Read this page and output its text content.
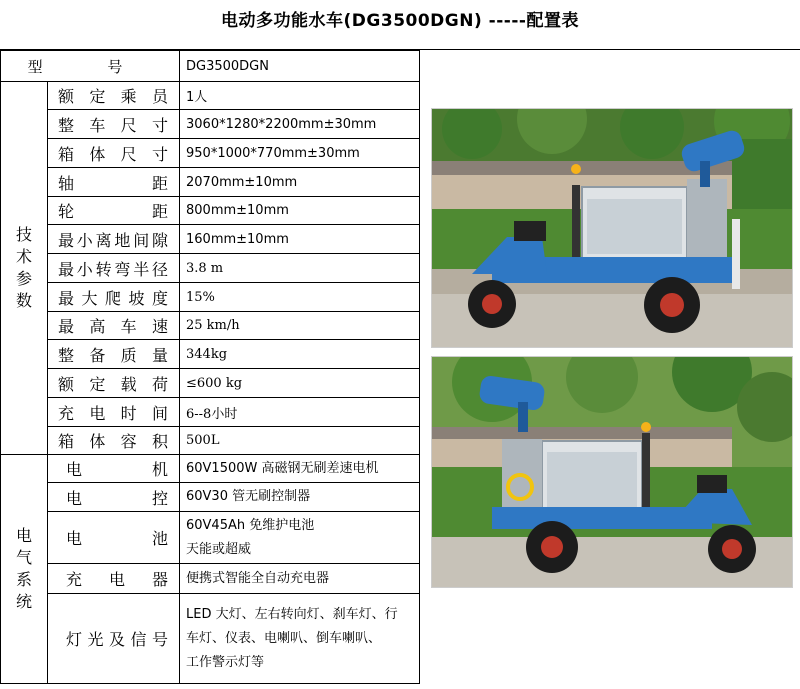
电动多功能水车(DG3500DGN) -----配置表
型 号		DG3500DGN

技
术
参
数	额定乘员	1人
	整车尺寸	3060*1280*2200mm±30mm
	箱体尺寸	950*1000*770mm±30mm
	轴距	2070mm±10mm
	轮距	800mm±10mm
	最小离地间隙	160mm±10mm
	最小转弯半径	3.8 m
	最大爬坡度	15%
	最高车速	25 km/h
	整备质量	344kg
	额定载荷	≤600 kg
	充电时间	6--8小时
	箱体容积	500L

电
气
系
统	电机	60V1500W 高磁钢无刷差速电机

	电控	60V30 管无刷控制器

	电池	60V45Ah 免维护电池
天能或超威

	充电器	便携式智能全自动充电器

	灯光及信号	LED 大灯、左右转向灯、刹车灯、行
车灯、仪表、电喇叭、倒车喇叭、
工作警示灯等
